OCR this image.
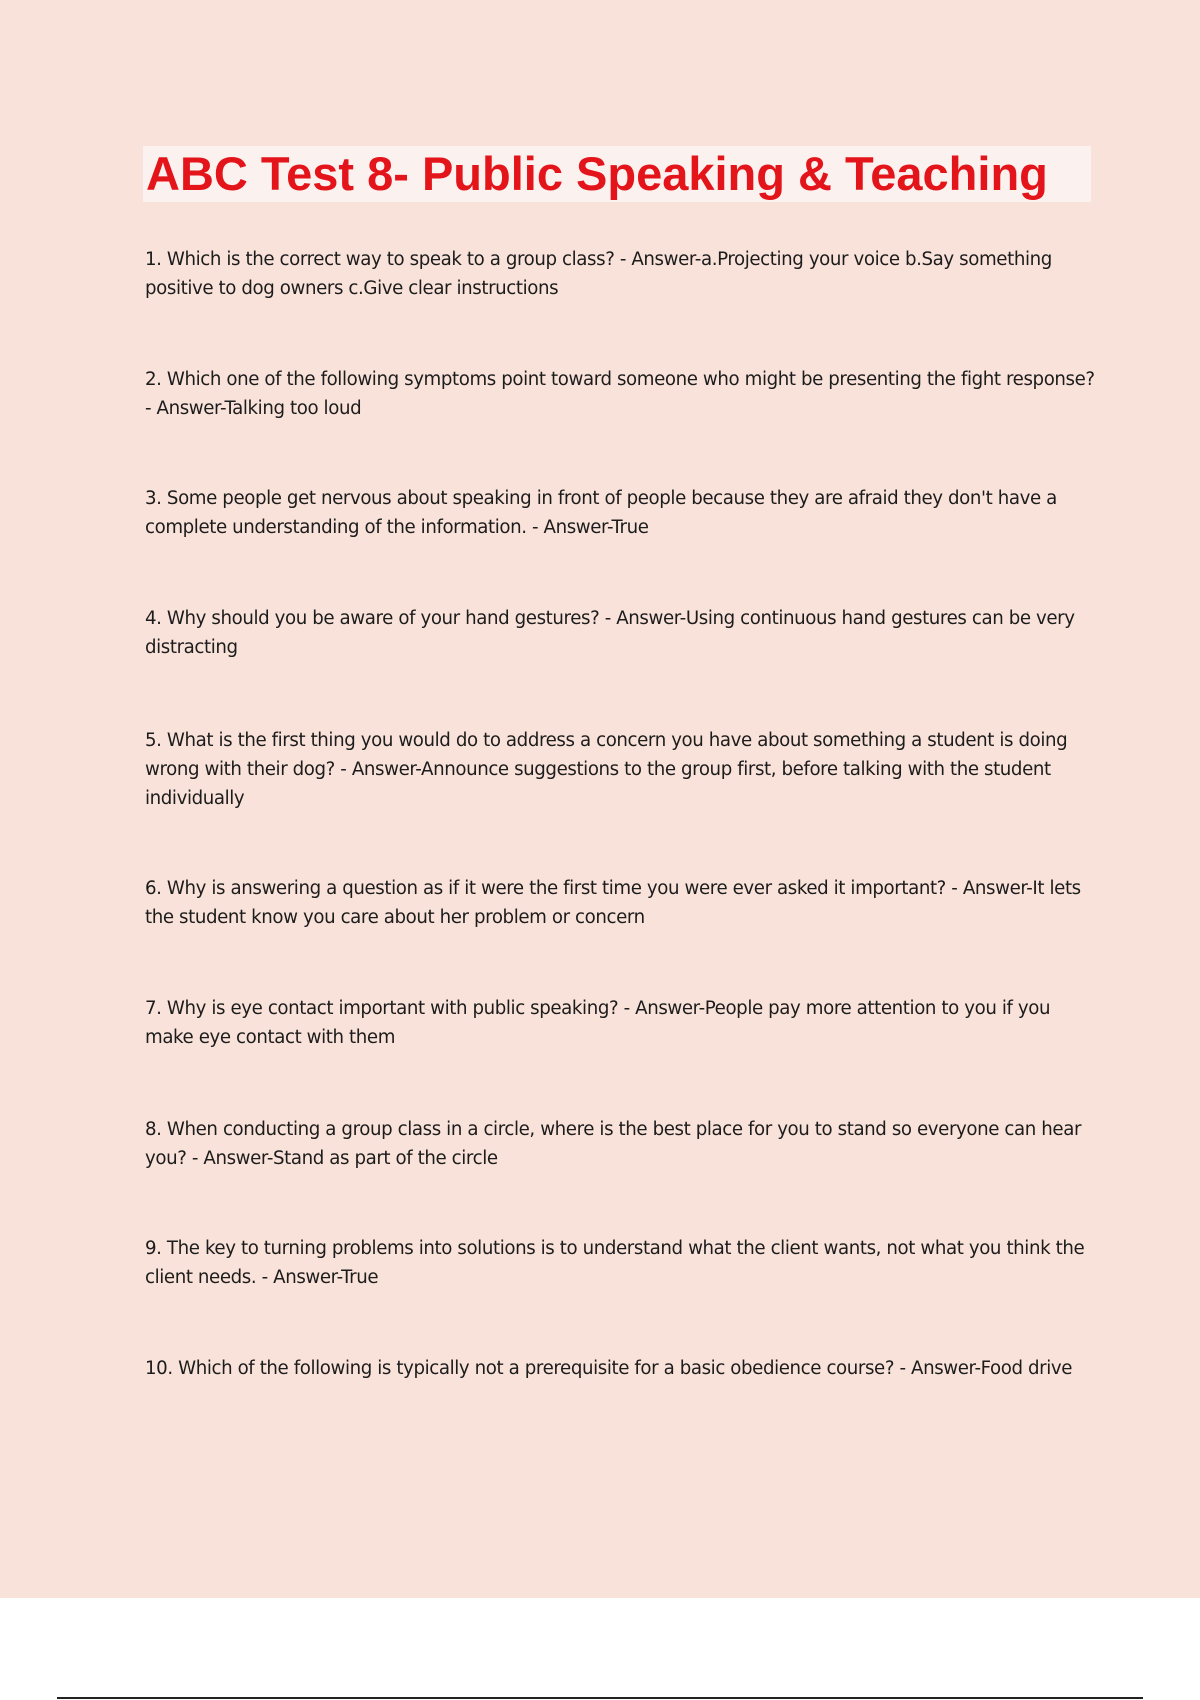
ABC Test 8- Public Speaking & Teaching

1. Which is the correct way to speak to a group class? - Answer-a.Projecting your voice b.Say something positive to dog owners c.Give clear instructions

2. Which one of the following symptoms point toward someone who might be presenting the fight response? - Answer-Talking too loud

3. Some people get nervous about speaking in front of people because they are afraid they don't have a complete understanding of the information. - Answer-True

4. Why should you be aware of your hand gestures? - Answer-Using continuous hand gestures can be very distracting

5. What is the first thing you would do to address a concern you have about something a student is doing wrong with their dog? - Answer-Announce suggestions to the group first, before talking with the student individually

6. Why is answering a question as if it were the first time you were ever asked it important? - Answer-It lets the student know you care about her problem or concern

7. Why is eye contact important with public speaking? - Answer-People pay more attention to you if you make eye contact with them

8. When conducting a group class in a circle, where is the best place for you to stand so everyone can hear you? - Answer-Stand as part of the circle

9. The key to turning problems into solutions is to understand what the client wants, not what you think the client needs. - Answer-True

10. Which of the following is typically not a prerequisite for a basic obedience course? - Answer-Food drive
